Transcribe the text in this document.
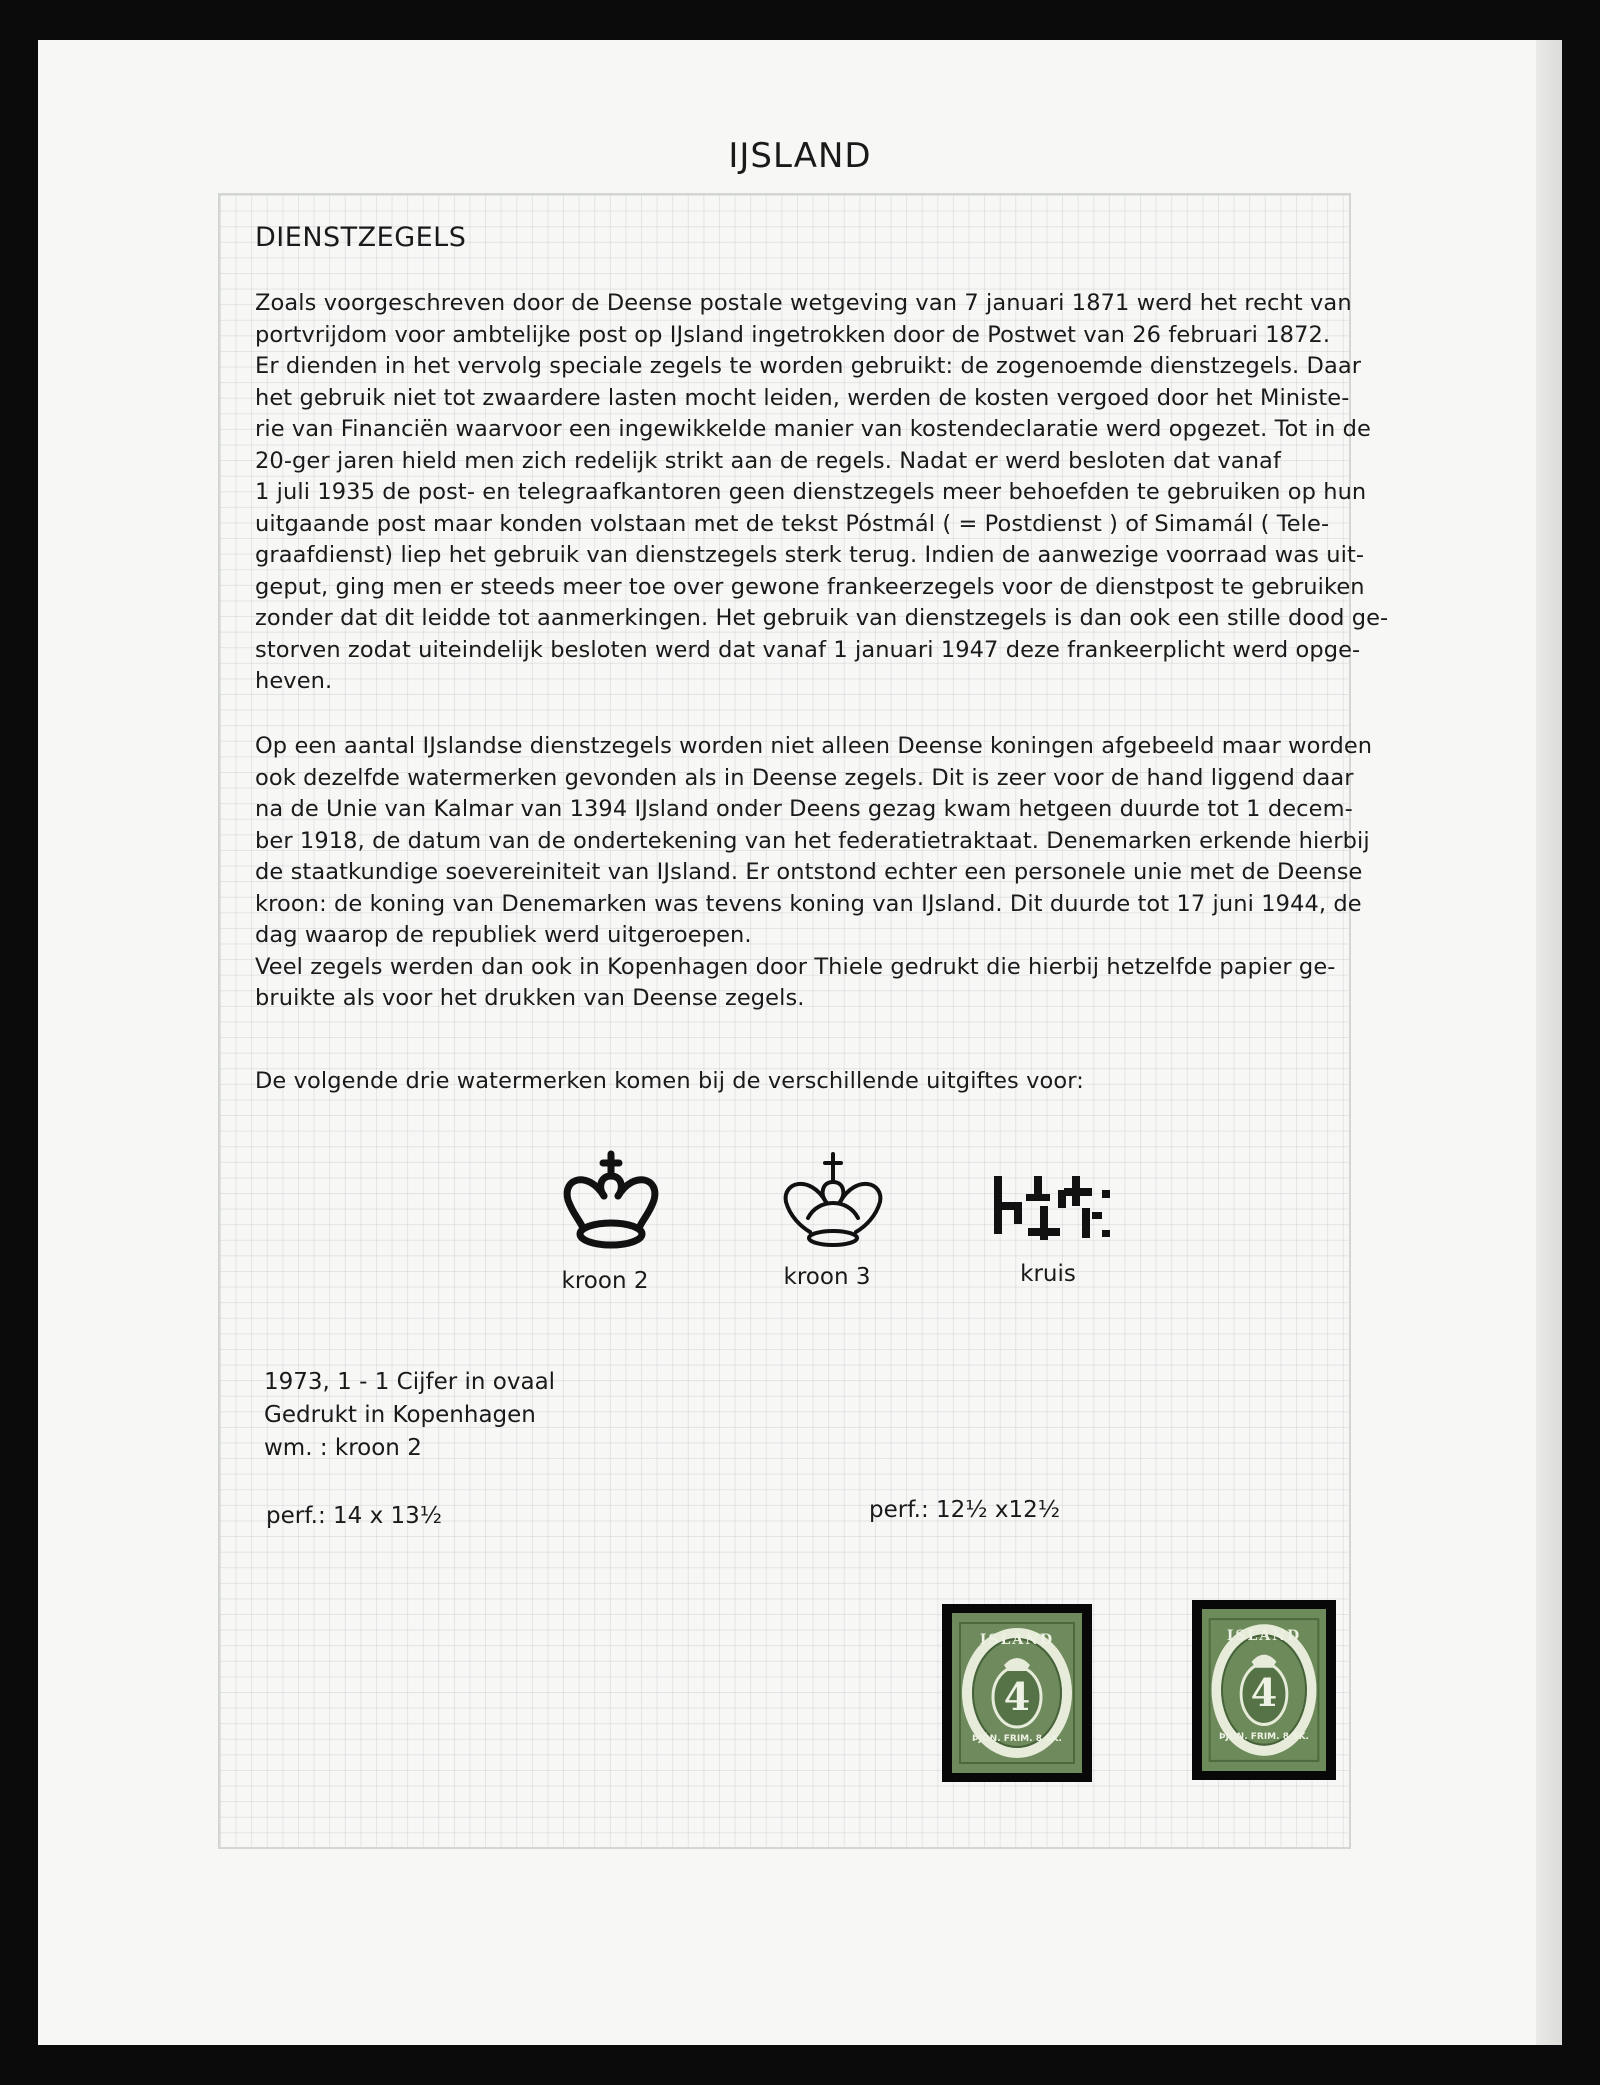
IJSLAND
DIENSTZEGELS
Zoals voorgeschreven door de Deense postale wetgeving van 7 januari 1871 werd het recht van
portvrijdom voor ambtelijke post op IJsland ingetrokken door de Postwet van 26 februari 1872.
Er dienden in het vervolg speciale zegels te worden gebruikt: de zogenoemde dienstzegels. Daar
het gebruik niet tot zwaardere lasten mocht leiden, werden de kosten vergoed door het Ministe-
rie van Financiën waarvoor een ingewikkelde manier van kostendeclaratie werd opgezet. Tot in de
20-ger jaren hield men zich redelijk strikt aan de regels. Nadat er werd besloten dat vanaf
1 juli 1935 de post- en telegraafkantoren geen dienstzegels meer behoefden te gebruiken op hun
uitgaande post maar konden volstaan met de tekst Póstmál ( = Postdienst ) of Simamál ( Tele-
graafdienst) liep het gebruik van dienstzegels sterk terug. Indien de aanwezige voorraad was uit-
geput, ging men er steeds meer toe over gewone frankeerzegels voor de dienstpost te gebruiken
zonder dat dit leidde tot aanmerkingen. Het gebruik van dienstzegels is dan ook een stille dood ge-
storven zodat uiteindelijk besloten werd dat vanaf 1 januari 1947 deze frankeerplicht werd opge-
heven.
Op een aantal IJslandse dienstzegels worden niet alleen Deense koningen afgebeeld maar worden
ook dezelfde watermerken gevonden als in Deense zegels. Dit is zeer voor de hand liggend daar
na de Unie van Kalmar van 1394 IJsland onder Deens gezag kwam hetgeen duurde tot 1 decem-
ber 1918, de datum van de ondertekening van het federatietraktaat. Denemarken erkende hierbij
de staatkundige soevereiniteit van IJsland. Er ontstond echter een personele unie met de Deense
kroon: de koning van Denemarken was tevens koning van IJsland. Dit duurde tot 17 juni 1944, de
dag waarop de republiek werd uitgeroepen.
Veel zegels werden dan ook in Kopenhagen door Thiele gedrukt die hierbij hetzelfde papier ge-
bruikte als voor het drukken van Deense zegels.
De volgende drie watermerken komen bij de verschillende uitgiftes voor:
kroon 2	kroon 3	kruis
1973, 1 - 1 Cijfer in ovaal
Gedrukt in Kopenhagen
wm. : kroon 2
perf.: 14 x 13½	perf.: 12½ x12½
ISLAND
4
ÞJÓN. FRIM. 8 SK.
ISLAND
4
ÞJÓN. FRIM. 8 SK.
